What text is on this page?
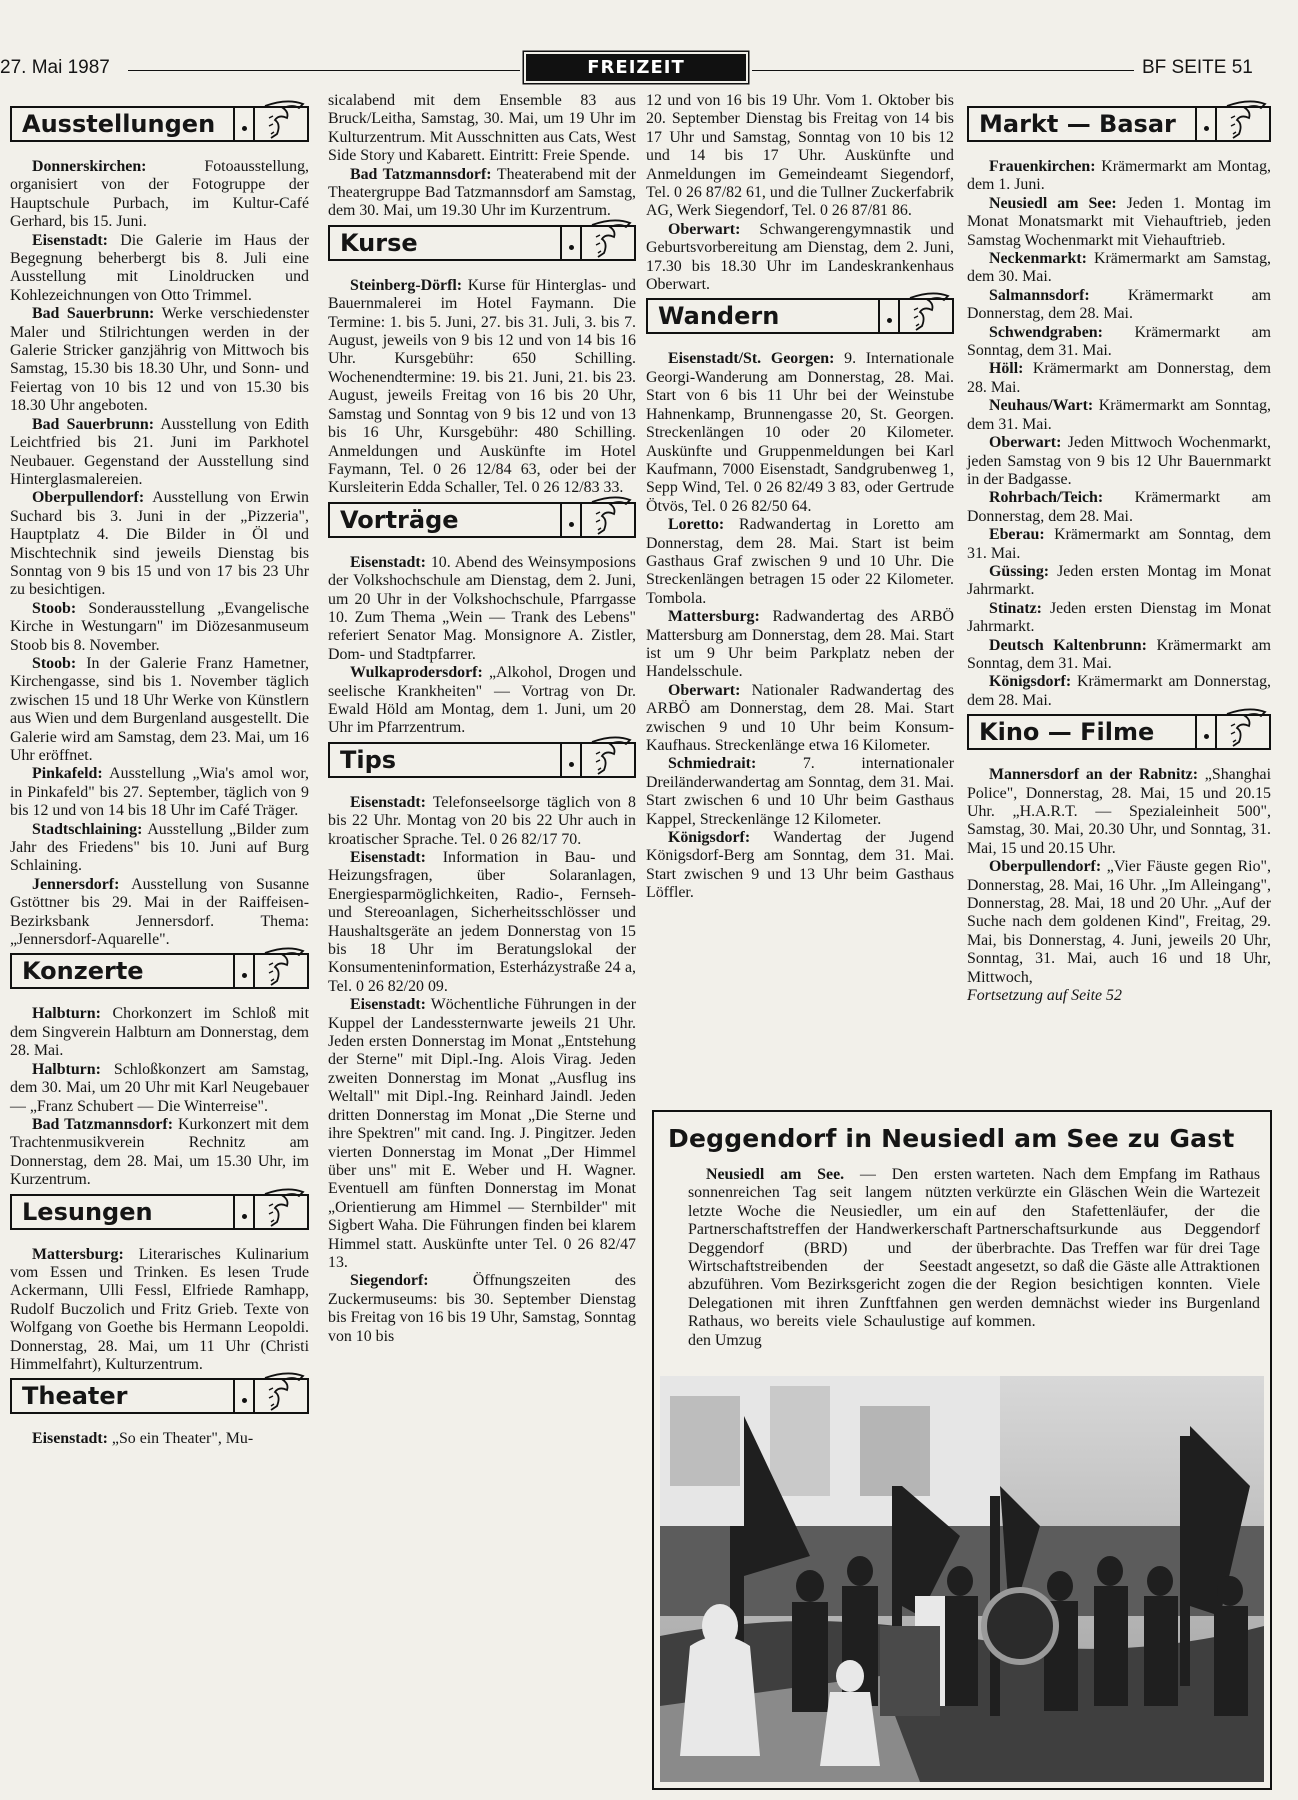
27. Mai 1987	FREIZEIT	BF SEITE 51
Ausstellungen

Donnerskirchen: Fotoausstellung, organisiert von der Fotogruppe der Hauptschule Purbach, im Kultur-Café Gerhard, bis 15. Juni.

Eisenstadt: Die Galerie im Haus der Begegnung beherbergt bis 8. Juli eine Ausstellung mit Linoldrucken und Kohlezeichnungen von Otto Trimmel.

Bad Sauerbrunn: Werke verschiedenster Maler und Stilrichtungen werden in der Galerie Stricker ganzjährig von Mittwoch bis Samstag, 15.30 bis 18.30 Uhr, und Sonn- und Feiertag von 10 bis 12 und von 15.30 bis 18.30 Uhr angeboten.

Bad Sauerbrunn: Ausstellung von Edith Leichtfried bis 21. Juni im Parkhotel Neubauer. Gegenstand der Ausstellung sind Hinterglasmalereien.

Oberpullendorf: Ausstellung von Erwin Suchard bis 3. Juni in der „Pizzeria", Hauptplatz 4. Die Bilder in Öl und Mischtechnik sind jeweils Dienstag bis Sonntag von 9 bis 15 und von 17 bis 23 Uhr zu besichtigen.

Stoob: Sonderausstellung „Evangelische Kirche in Westungarn" im Diözesanmuseum Stoob bis 8. November.

Stoob: In der Galerie Franz Hametner, Kirchengasse, sind bis 1. November täglich zwischen 15 und 18 Uhr Werke von Künstlern aus Wien und dem Burgenland ausgestellt. Die Galerie wird am Samstag, dem 23. Mai, um 16 Uhr eröffnet.

Pinkafeld: Ausstellung „Wia's amol wor, in Pinkafeld" bis 27. September, täglich von 9 bis 12 und von 14 bis 18 Uhr im Café Träger.

Stadtschlaining: Ausstellung „Bilder zum Jahr des Friedens" bis 10. Juni auf Burg Schlaining.

Jennersdorf: Ausstellung von Susanne Gstöttner bis 29. Mai in der Raiffeisen-Bezirksbank Jennersdorf. Thema: „Jennersdorf-Aquarelle".

Konzerte

Halbturn: Chorkonzert im Schloß mit dem Singverein Halbturn am Donnerstag, dem 28. Mai.

Halbturn: Schloßkonzert am Samstag, dem 30. Mai, um 20 Uhr mit Karl Neugebauer — „Franz Schubert — Die Winterreise".

Bad Tatzmannsdorf: Kurkonzert mit dem Trachtenmusikverein Rechnitz am Donnerstag, dem 28. Mai, um 15.30 Uhr, im Kurzentrum.

Lesungen

Mattersburg: Literarisches Kulinarium vom Essen und Trinken. Es lesen Trude Ackermann, Ulli Fessl, Elfriede Ramhapp, Rudolf Buczolich und Fritz Grieb. Texte von Wolfgang von Goethe bis Hermann Leopoldi. Donnerstag, 28. Mai, um 11 Uhr (Christi Himmelfahrt), Kulturzentrum.

Theater

Eisenstadt: „So ein Theater", Mu-

sicalabend mit dem Ensemble 83 aus Bruck/Leitha, Samstag, 30. Mai, um 19 Uhr im Kulturzentrum. Mit Ausschnitten aus Cats, West Side Story und Kabarett. Eintritt: Freie Spende.

Bad Tatzmannsdorf: Theaterabend mit der Theatergruppe Bad Tatzmannsdorf am Samstag, dem 30. Mai, um 19.30 Uhr im Kurzentrum.

Kurse

Steinberg-Dörfl: Kurse für Hinterglas- und Bauernmalerei im Hotel Faymann. Die Termine: 1. bis 5. Juni, 27. bis 31. Juli, 3. bis 7. August, jeweils von 9 bis 12 und von 14 bis 16 Uhr. Kursgebühr: 650 Schilling. Wochenendtermine: 19. bis 21. Juni, 21. bis 23. August, jeweils Freitag von 16 bis 20 Uhr, Samstag und Sonntag von 9 bis 12 und von 13 bis 16 Uhr, Kursgebühr: 480 Schilling. Anmeldungen und Auskünfte im Hotel Faymann, Tel. 0 26 12/84 63, oder bei der Kursleiterin Edda Schaller, Tel. 0 26 12/83 33.

Vorträge

Eisenstadt: 10. Abend des Weinsymposions der Volkshochschule am Dienstag, dem 2. Juni, um 20 Uhr in der Volkshochschule, Pfarrgasse 10. Zum Thema „Wein — Trank des Lebens" referiert Senator Mag. Monsignore A. Zistler, Dom- und Stadtpfarrer.

Wulkaprodersdorf: „Alkohol, Drogen und seelische Krankheiten" — Vortrag von Dr. Ewald Höld am Montag, dem 1. Juni, um 20 Uhr im Pfarrzentrum.

Tips

Eisenstadt: Telefonseelsorge täglich von 8 bis 22 Uhr. Montag von 20 bis 22 Uhr auch in kroatischer Sprache. Tel. 0 26 82/17 70.

Eisenstadt: Information in Bau- und Heizungsfragen, über Solaranlagen, Energiesparmöglichkeiten, Radio-, Fernseh- und Stereoanlagen, Sicherheitsschlösser und Haushaltsgeräte an jedem Donnerstag von 15 bis 18 Uhr im Beratungslokal der Konsumenteninformation, Esterházystraße 24 a, Tel. 0 26 82/20 09.

Eisenstadt: Wöchentliche Führungen in der Kuppel der Landessternwarte jeweils 21 Uhr. Jeden ersten Donnerstag im Monat „Entstehung der Sterne" mit Dipl.-Ing. Alois Virag. Jeden zweiten Donnerstag im Monat „Ausflug ins Weltall" mit Dipl.-Ing. Reinhard Jaindl. Jeden dritten Donnerstag im Monat „Die Sterne und ihre Spektren" mit cand. Ing. J. Pingitzer. Jeden vierten Donnerstag im Monat „Der Himmel über uns" mit E. Weber und H. Wagner. Eventuell am fünften Donnerstag im Monat „Orientierung am Himmel — Sternbilder" mit Sigbert Waha. Die Führungen finden bei klarem Himmel statt. Auskünfte unter Tel. 0 26 82/47 13.

Siegendorf: Öffnungszeiten des Zuckermuseums: bis 30. September Dienstag bis Freitag von 16 bis 19 Uhr, Samstag, Sonntag von 10 bis

12 und von 16 bis 19 Uhr. Vom 1. Oktober bis 20. September Dienstag bis Freitag von 14 bis 17 Uhr und Samstag, Sonntag von 10 bis 12 und 14 bis 17 Uhr. Auskünfte und Anmeldungen im Gemeindeamt Siegendorf, Tel. 0 26 87/82 61, und die Tullner Zuckerfabrik AG, Werk Siegendorf, Tel. 0 26 87/81 86.

Oberwart: Schwangerengymnastik und Geburtsvorbereitung am Dienstag, dem 2. Juni, 17.30 bis 18.30 Uhr im Landeskrankenhaus Oberwart.

Wandern

Eisenstadt/St. Georgen: 9. Internationale Georgi-Wanderung am Donnerstag, 28. Mai. Start von 6 bis 11 Uhr bei der Weinstube Hahnenkamp, Brunnengasse 20, St. Georgen. Streckenlängen 10 oder 20 Kilometer. Auskünfte und Gruppenmeldungen bei Karl Kaufmann, 7000 Eisenstadt, Sandgrubenweg 1, Sepp Wind, Tel. 0 26 82/49 3 83, oder Gertrude Ötvös, Tel. 0 26 82/50 64.

Loretto: Radwandertag in Loretto am Donnerstag, dem 28. Mai. Start ist beim Gasthaus Graf zwischen 9 und 10 Uhr. Die Streckenlängen betragen 15 oder 22 Kilometer. Tombola.

Mattersburg: Radwandertag des ARBÖ Mattersburg am Donnerstag, dem 28. Mai. Start ist um 9 Uhr beim Parkplatz neben der Handelsschule.

Oberwart: Nationaler Radwandertag des ARBÖ am Donnerstag, dem 28. Mai. Start zwischen 9 und 10 Uhr beim Konsum-Kaufhaus. Streckenlänge etwa 16 Kilometer.

Schmiedrait: 7. internationaler Dreiländerwandertag am Sonntag, dem 31. Mai. Start zwischen 6 und 10 Uhr beim Gasthaus Kappel, Streckenlänge 12 Kilometer.

Königsdorf: Wandertag der Jugend Königsdorf-Berg am Sonntag, dem 31. Mai. Start zwischen 9 und 13 Uhr beim Gasthaus Löffler.

Markt — Basar

Frauenkirchen: Krämermarkt am Montag, dem 1. Juni.

Neusiedl am See: Jeden 1. Montag im Monat Monatsmarkt mit Viehauftrieb, jeden Samstag Wochenmarkt mit Viehauftrieb.

Neckenmarkt: Krämermarkt am Samstag, dem 30. Mai.

Salmannsdorf: Krämermarkt am Donnerstag, dem 28. Mai.

Schwendgraben: Krämermarkt am Sonntag, dem 31. Mai.

Höll: Krämermarkt am Donnerstag, dem 28. Mai.

Neuhaus/Wart: Krämermarkt am Sonntag, dem 31. Mai.

Oberwart: Jeden Mittwoch Wochenmarkt, jeden Samstag von 9 bis 12 Uhr Bauernmarkt in der Badgasse.

Rohrbach/Teich: Krämermarkt am Donnerstag, dem 28. Mai.

Eberau: Krämermarkt am Sonntag, dem 31. Mai.

Güssing: Jeden ersten Montag im Monat Jahrmarkt.

Stinatz: Jeden ersten Dienstag im Monat Jahrmarkt.

Deutsch Kaltenbrunn: Krämermarkt am Sonntag, dem 31. Mai.

Königsdorf: Krämermarkt am Donnerstag, dem 28. Mai.

Kino — Filme

Mannersdorf an der Rabnitz: „Shanghai Police", Donnerstag, 28. Mai, 15 und 20.15 Uhr. „H.A.R.T. — Spezialeinheit 500", Samstag, 30. Mai, 20.30 Uhr, und Sonntag, 31. Mai, 15 und 20.15 Uhr.

Oberpullendorf: „Vier Fäuste gegen Rio", Donnerstag, 28. Mai, 16 Uhr. „Im Alleingang", Donnerstag, 28. Mai, 18 und 20 Uhr. „Auf der Suche nach dem goldenen Kind", Freitag, 29. Mai, bis Donnerstag, 4. Juni, jeweils 20 Uhr, Sonntag, 31. Mai, auch 16 und 18 Uhr, Mittwoch,

Fortsetzung auf Seite 52

Deggendorf in Neusiedl am See zu Gast

Neusiedl am See. — Den ersten sonnenreichen Tag seit langem nützten letzte Woche die Neusiedler, um ein Partnerschaftstreffen der Handwerkerschaft Deggendorf (BRD) und der Wirtschaftstreibenden der Seestadt abzuführen. Vom Bezirksgericht zogen die Delegationen mit ihren Zunftfahnen gen Rathaus, wo bereits viele Schaulustige auf den Umzug

warteten. Nach dem Empfang im Rathaus verkürzte ein Gläschen Wein die Wartezeit auf den Stafettenläufer, der die Partnerschaftsurkunde aus Deggendorf überbrachte. Das Treffen war für drei Tage angesetzt, so daß die Gäste alle Attraktionen der Region besichtigen konnten. Viele werden demnächst wieder ins Burgenland kommen.
